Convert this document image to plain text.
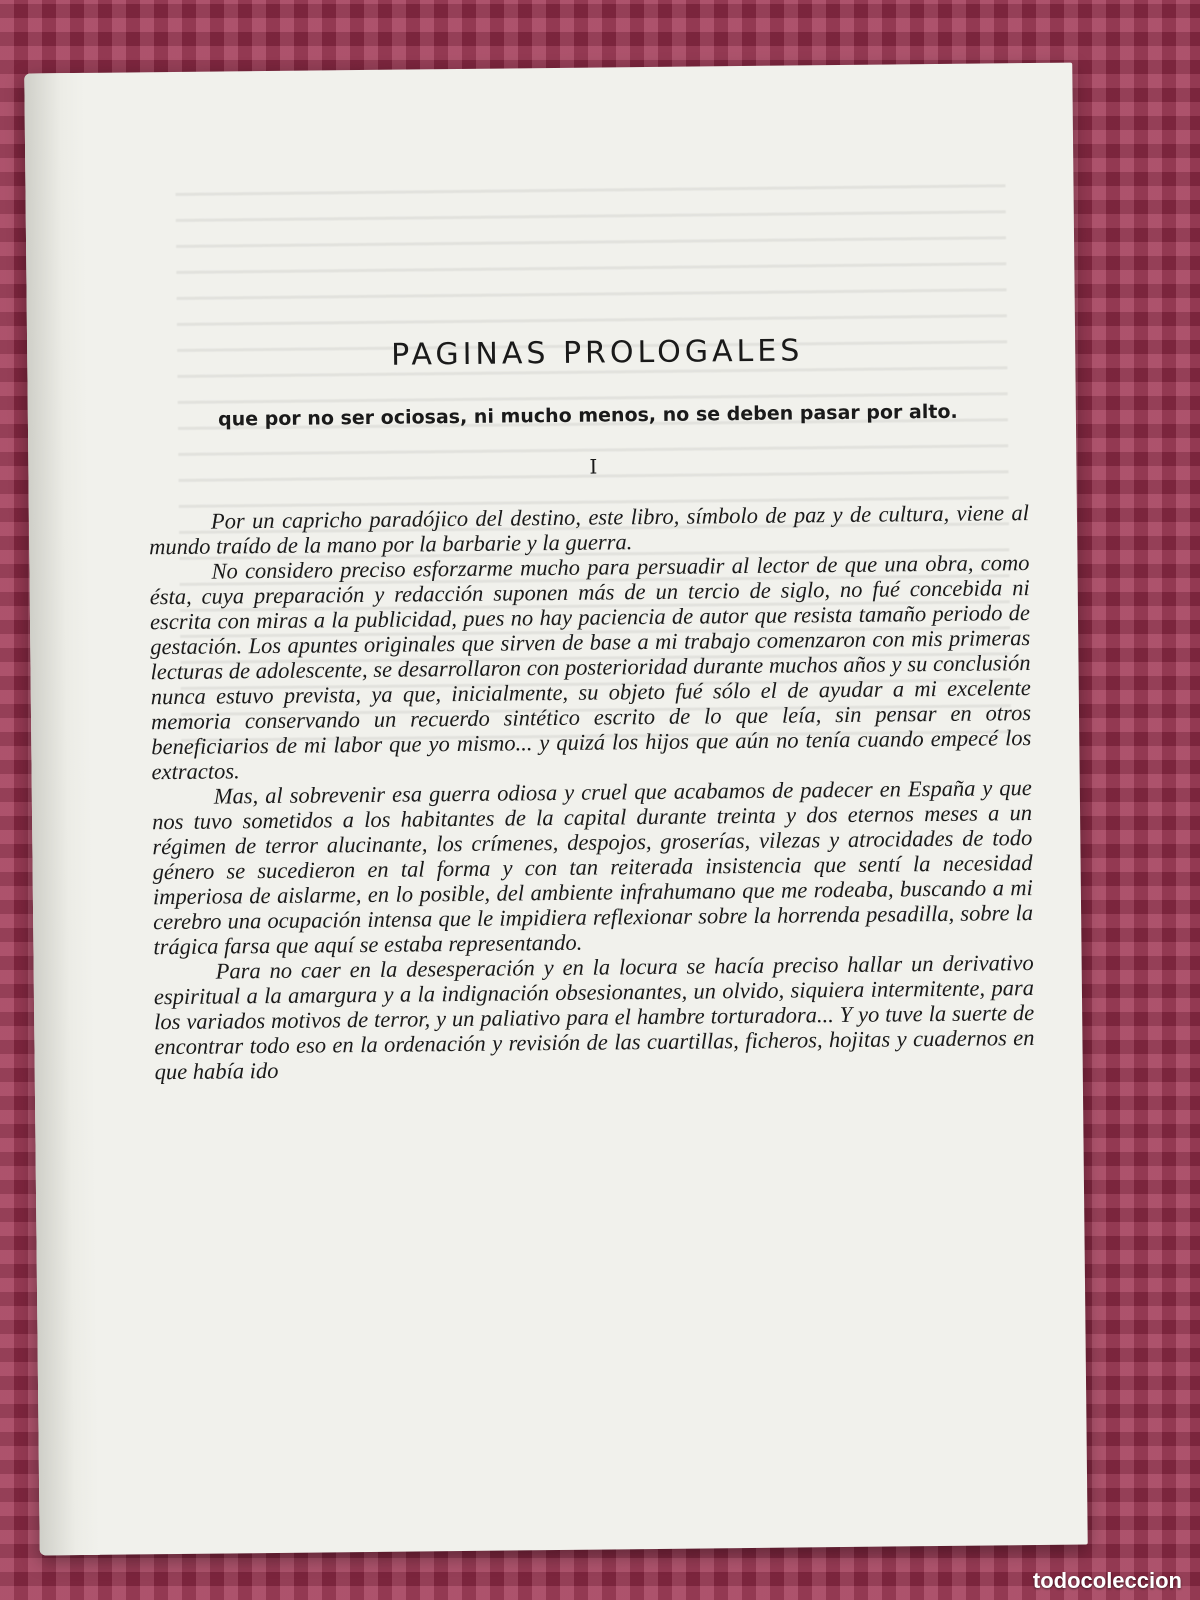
PAGINAS PROLOGALES
que por no ser ociosas, ni mucho menos, no se deben pasar por alto.
I

Por un capricho paradójico del destino, este libro, símbolo de paz y de cultura, viene al mundo traído de la mano por la barbarie y la guerra.

No considero preciso esforzarme mucho para persuadir al lector de que una obra, como ésta, cuya preparación y redacción suponen más de un tercio de siglo, no fué concebida ni escrita con miras a la publicidad, pues no hay paciencia de autor que resista tamaño periodo de gestación. Los apuntes originales que sirven de base a mi trabajo comenzaron con mis primeras lecturas de adolescente, se desarrollaron con posterioridad durante muchos años y su conclusión nunca estuvo prevista, ya que, inicialmente, su objeto fué sólo el de ayudar a mi excelente memoria conservando un recuerdo sintético escrito de lo que leía, sin pensar en otros beneficiarios de mi labor que yo mismo... y quizá los hijos que aún no tenía cuando empecé los extractos.

Mas, al sobrevenir esa guerra odiosa y cruel que acabamos de padecer en España y que nos tuvo sometidos a los habitantes de la capital durante treinta y dos eternos meses a un régimen de terror alucinante, los crímenes, despojos, groserías, vilezas y atrocidades de todo género se sucedieron en tal forma y con tan reiterada insistencia que sentí la necesidad imperiosa de aislarme, en lo posible, del ambiente infrahumano que me rodeaba, buscando a mi cerebro una ocupación intensa que le impidiera reflexionar sobre la horrenda pesadilla, sobre la trágica farsa que aquí se estaba representando.

Para no caer en la desesperación y en la locura se hacía preciso hallar un derivativo espiritual a la amargura y a la indignación obsesionantes, un olvido, siquiera intermitente, para los variados motivos de terror, y un paliativo para el hambre torturadora... Y yo tuve la suerte de encontrar todo eso en la ordenación y revisión de las cuartillas, ficheros, hojitas y cuadernos en que había ido

todocoleccion
